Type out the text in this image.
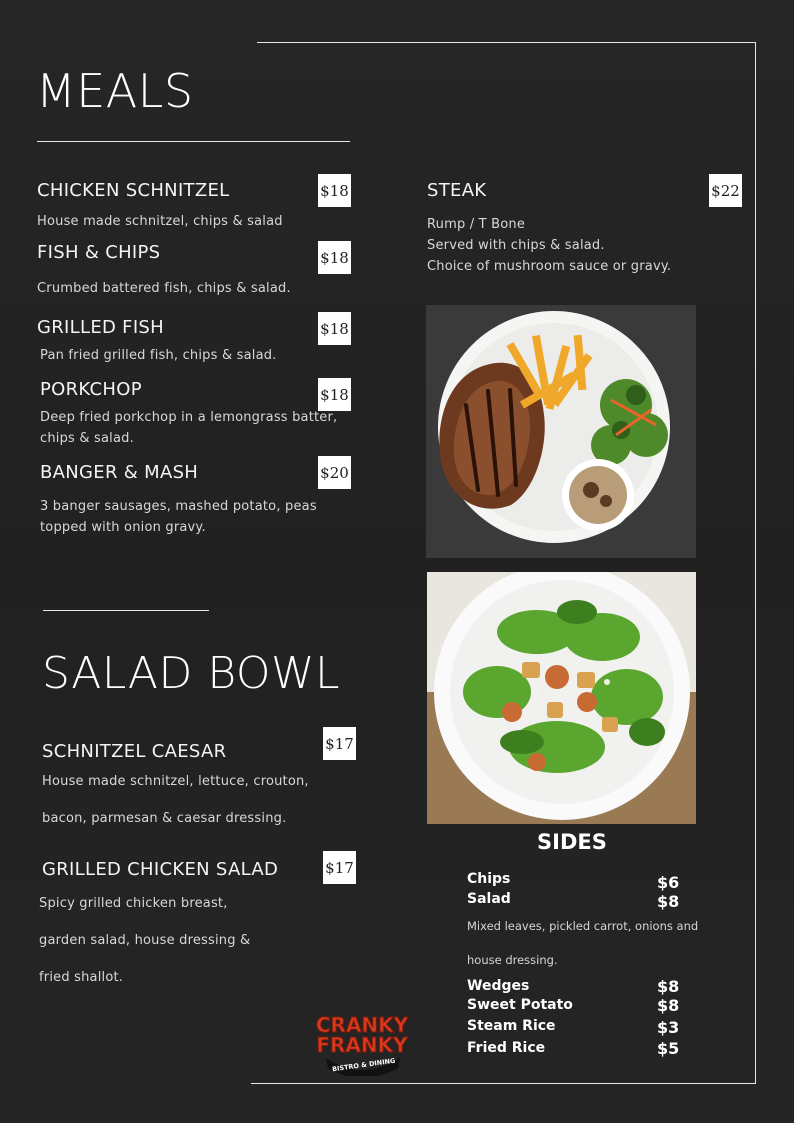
MEALS
CHICKEN SCHNITZEL	$18
House made schnitzel, chips & salad
FISH & CHIPS	$18
Crumbed battered fish, chips & salad.
GRILLED FISH	$18
Pan fried grilled fish, chips & salad.
PORKCHOP	$18
Deep fried porkchop in a lemongrass batter,
chips & salad.
BANGER & MASH	$20
3 banger sausages, mashed potato, peas
topped with onion gravy.
STEAK	$22
Rump / T Bone
Served with chips & salad.
Choice of mushroom sauce or gravy.
SALAD BOWL
SCHNITZEL CAESAR	$17
House made schnitzel, lettuce, crouton,
bacon, parmesan & caesar dressing.
GRILLED CHICKEN SALAD	$17
Spicy grilled chicken breast,
garden salad, house dressing &
fried shallot.
SIDES
Chips	$6
Salad	$8
Mixed leaves, pickled carrot, onions and
house dressing.
Wedges	$8
Sweet Potato	$8
Steam Rice	$3
Fried Rice	$5
CRANKY
FRANKY
BISTRO & DINING
